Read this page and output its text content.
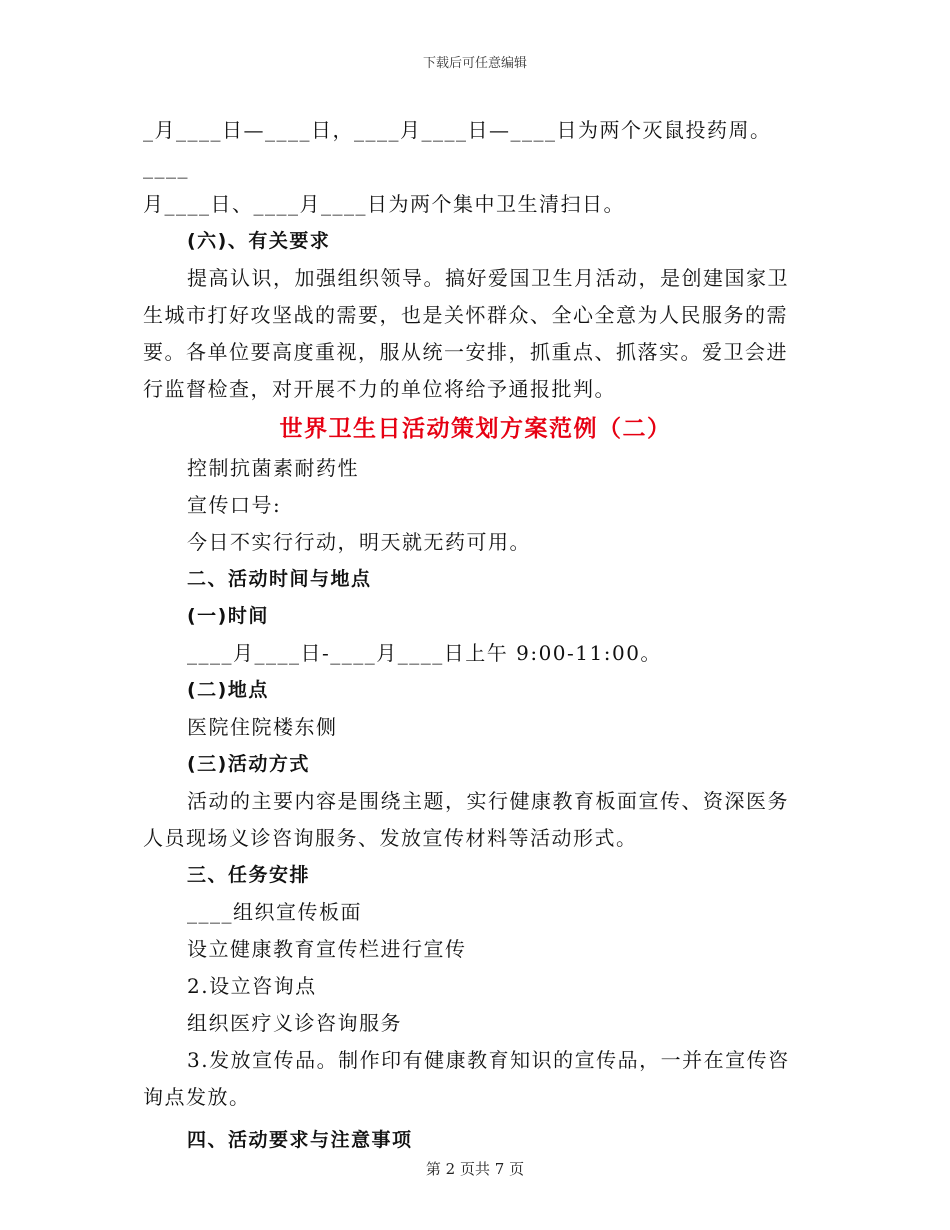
下载后可任意编辑

_月____日—____日，____月____日—____日为两个灭鼠投药周。____

月____日、____月____日为两个集中卫生清扫日。

(六)、有关要求

提高认识，加强组织领导。搞好爱国卫生月活动，是创建国家卫

生城市打好攻坚战的需要，也是关怀群众、全心全意为人民服务的需

要。各单位要高度重视，服从统一安排，抓重点、抓落实。爱卫会进

行监督检查，对开展不力的单位将给予通报批判。

世界卫生日活动策划方案范例（二）

控制抗菌素耐药性

宣传口号:

今日不实行行动，明天就无药可用。

二、活动时间与地点

(一)时间

____月____日-____月____日上午 9:00-11:00。

(二)地点

医院住院楼东侧

(三)活动方式

活动的主要内容是围绕主题，实行健康教育板面宣传、资深医务

人员现场义诊咨询服务、发放宣传材料等活动形式。

三、任务安排

____组织宣传板面

设立健康教育宣传栏进行宣传

2.设立咨询点

组织医疗义诊咨询服务

3.发放宣传品。制作印有健康教育知识的宣传品，一并在宣传咨

询点发放。

四、活动要求与注意事项

第 2 页共 7 页
